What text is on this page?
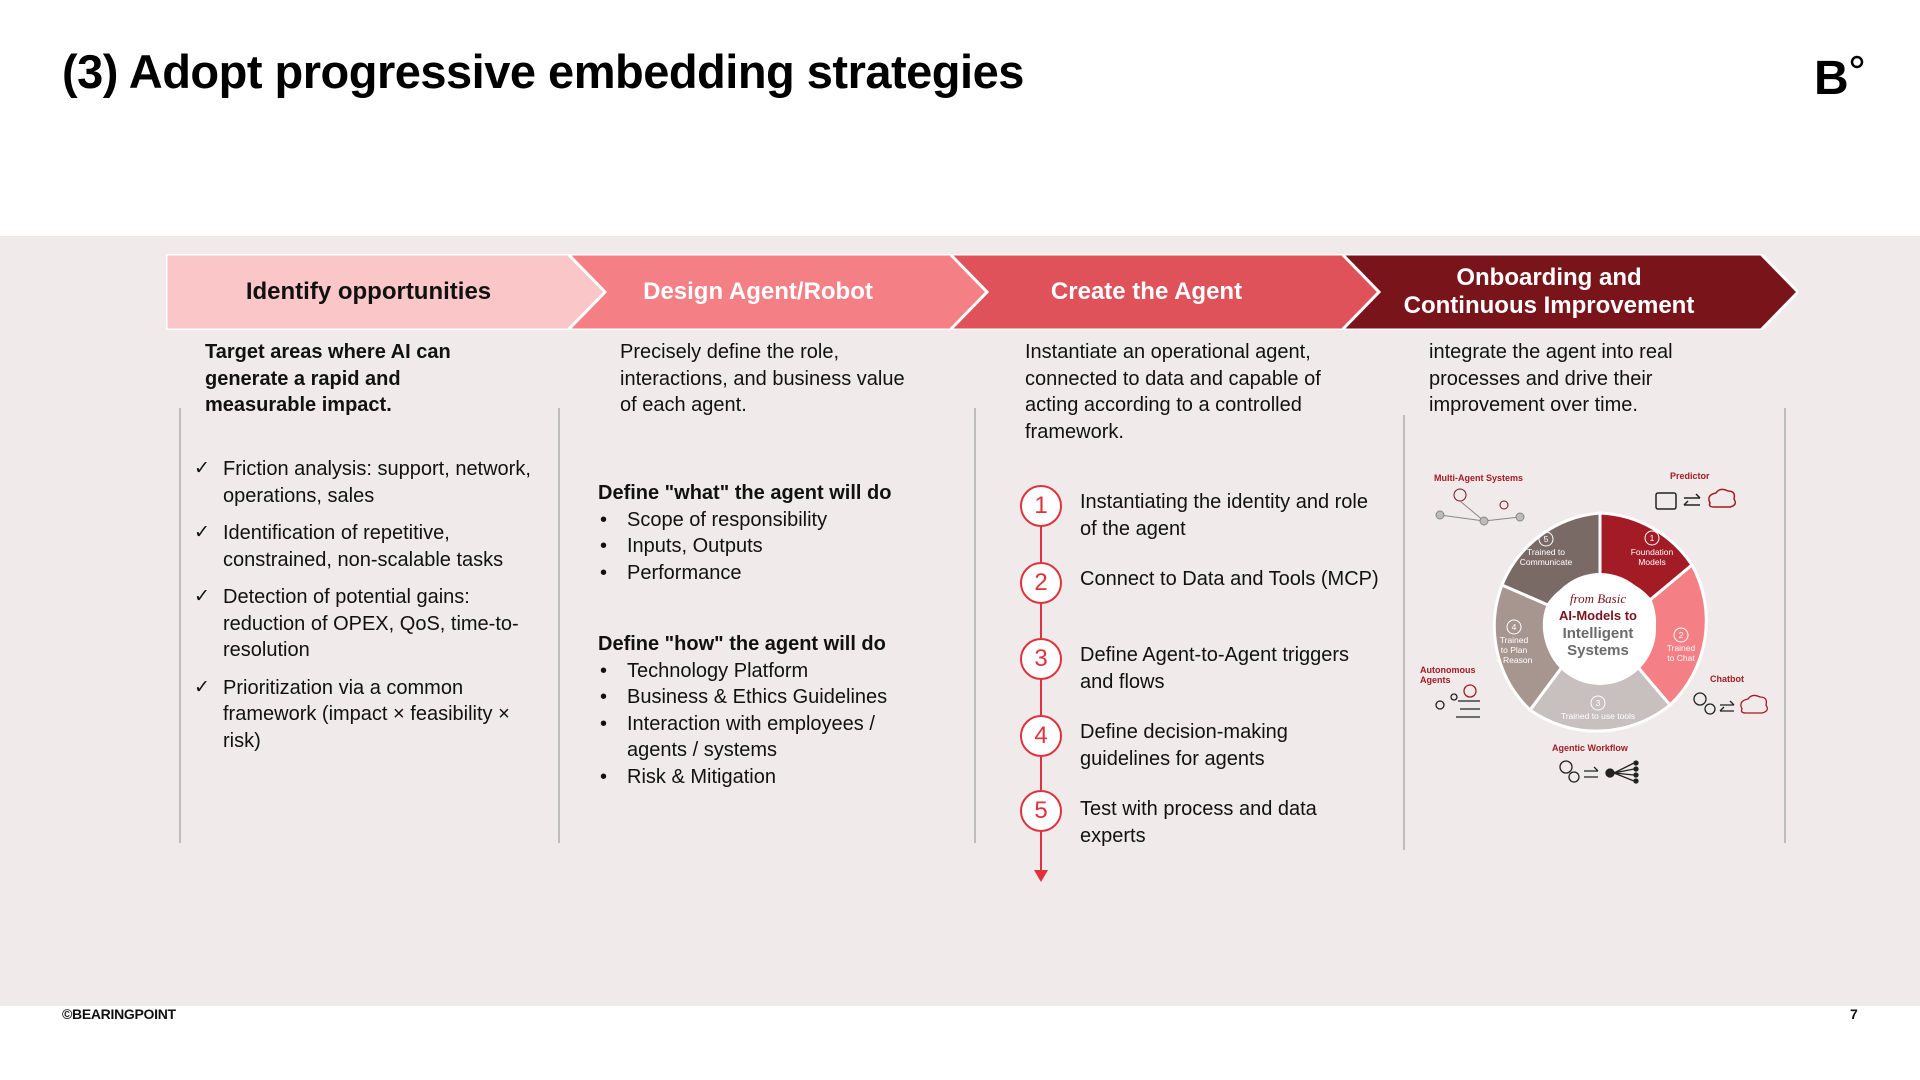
(3) Adopt progressive embedding strategies	B
Identify opportunities	Design Agent/Robot	Create the Agent
Onboarding and
Continuous Improvement
Target areas where AI can
generate a rapid and
measurable impact.
Precisely define the role,
interactions, and business value
of each agent.
Instantiate an operational agent,
connected to data and capable of
acting according to a controlled
framework.
integrate the agent into real
processes and drive their
improvement over time.
✓ Friction analysis: support, network, operations, sales
✓ Identification of repetitive, constrained, non-scalable tasks
✓ Detection of potential gains: reduction of OPEX, QoS, time-to-resolution
✓ Prioritization via a common framework (impact × feasibility × risk)
Define "what" the agent will do
• Scope of responsibility
• Inputs, Outputs
• Performance
Define "how" the agent will do
• Technology Platform
• Business & Ethics Guidelines
• Interaction with employees / agents / systems
• Risk & Mitigation
1	Instantiating the identity and role of the agent
2	Connect to Data and Tools (MCP)
3	Define Agent-to-Agent triggers and flows
4	Define decision-making guidelines for agents
5	Test with process and data experts
from Basic
AI-Models to
Intelligent
Systems
1
Foundation
Models
2
Trained
to Chat
3
Trained to use tools
4
Trained
to Plan
+ Reason
5
Trained to
Communicate
Multi-Agent Systems	Predictor
Autonomous
Agents	Chatbot
Agentic Workflow
©BEARINGPOINT	7
